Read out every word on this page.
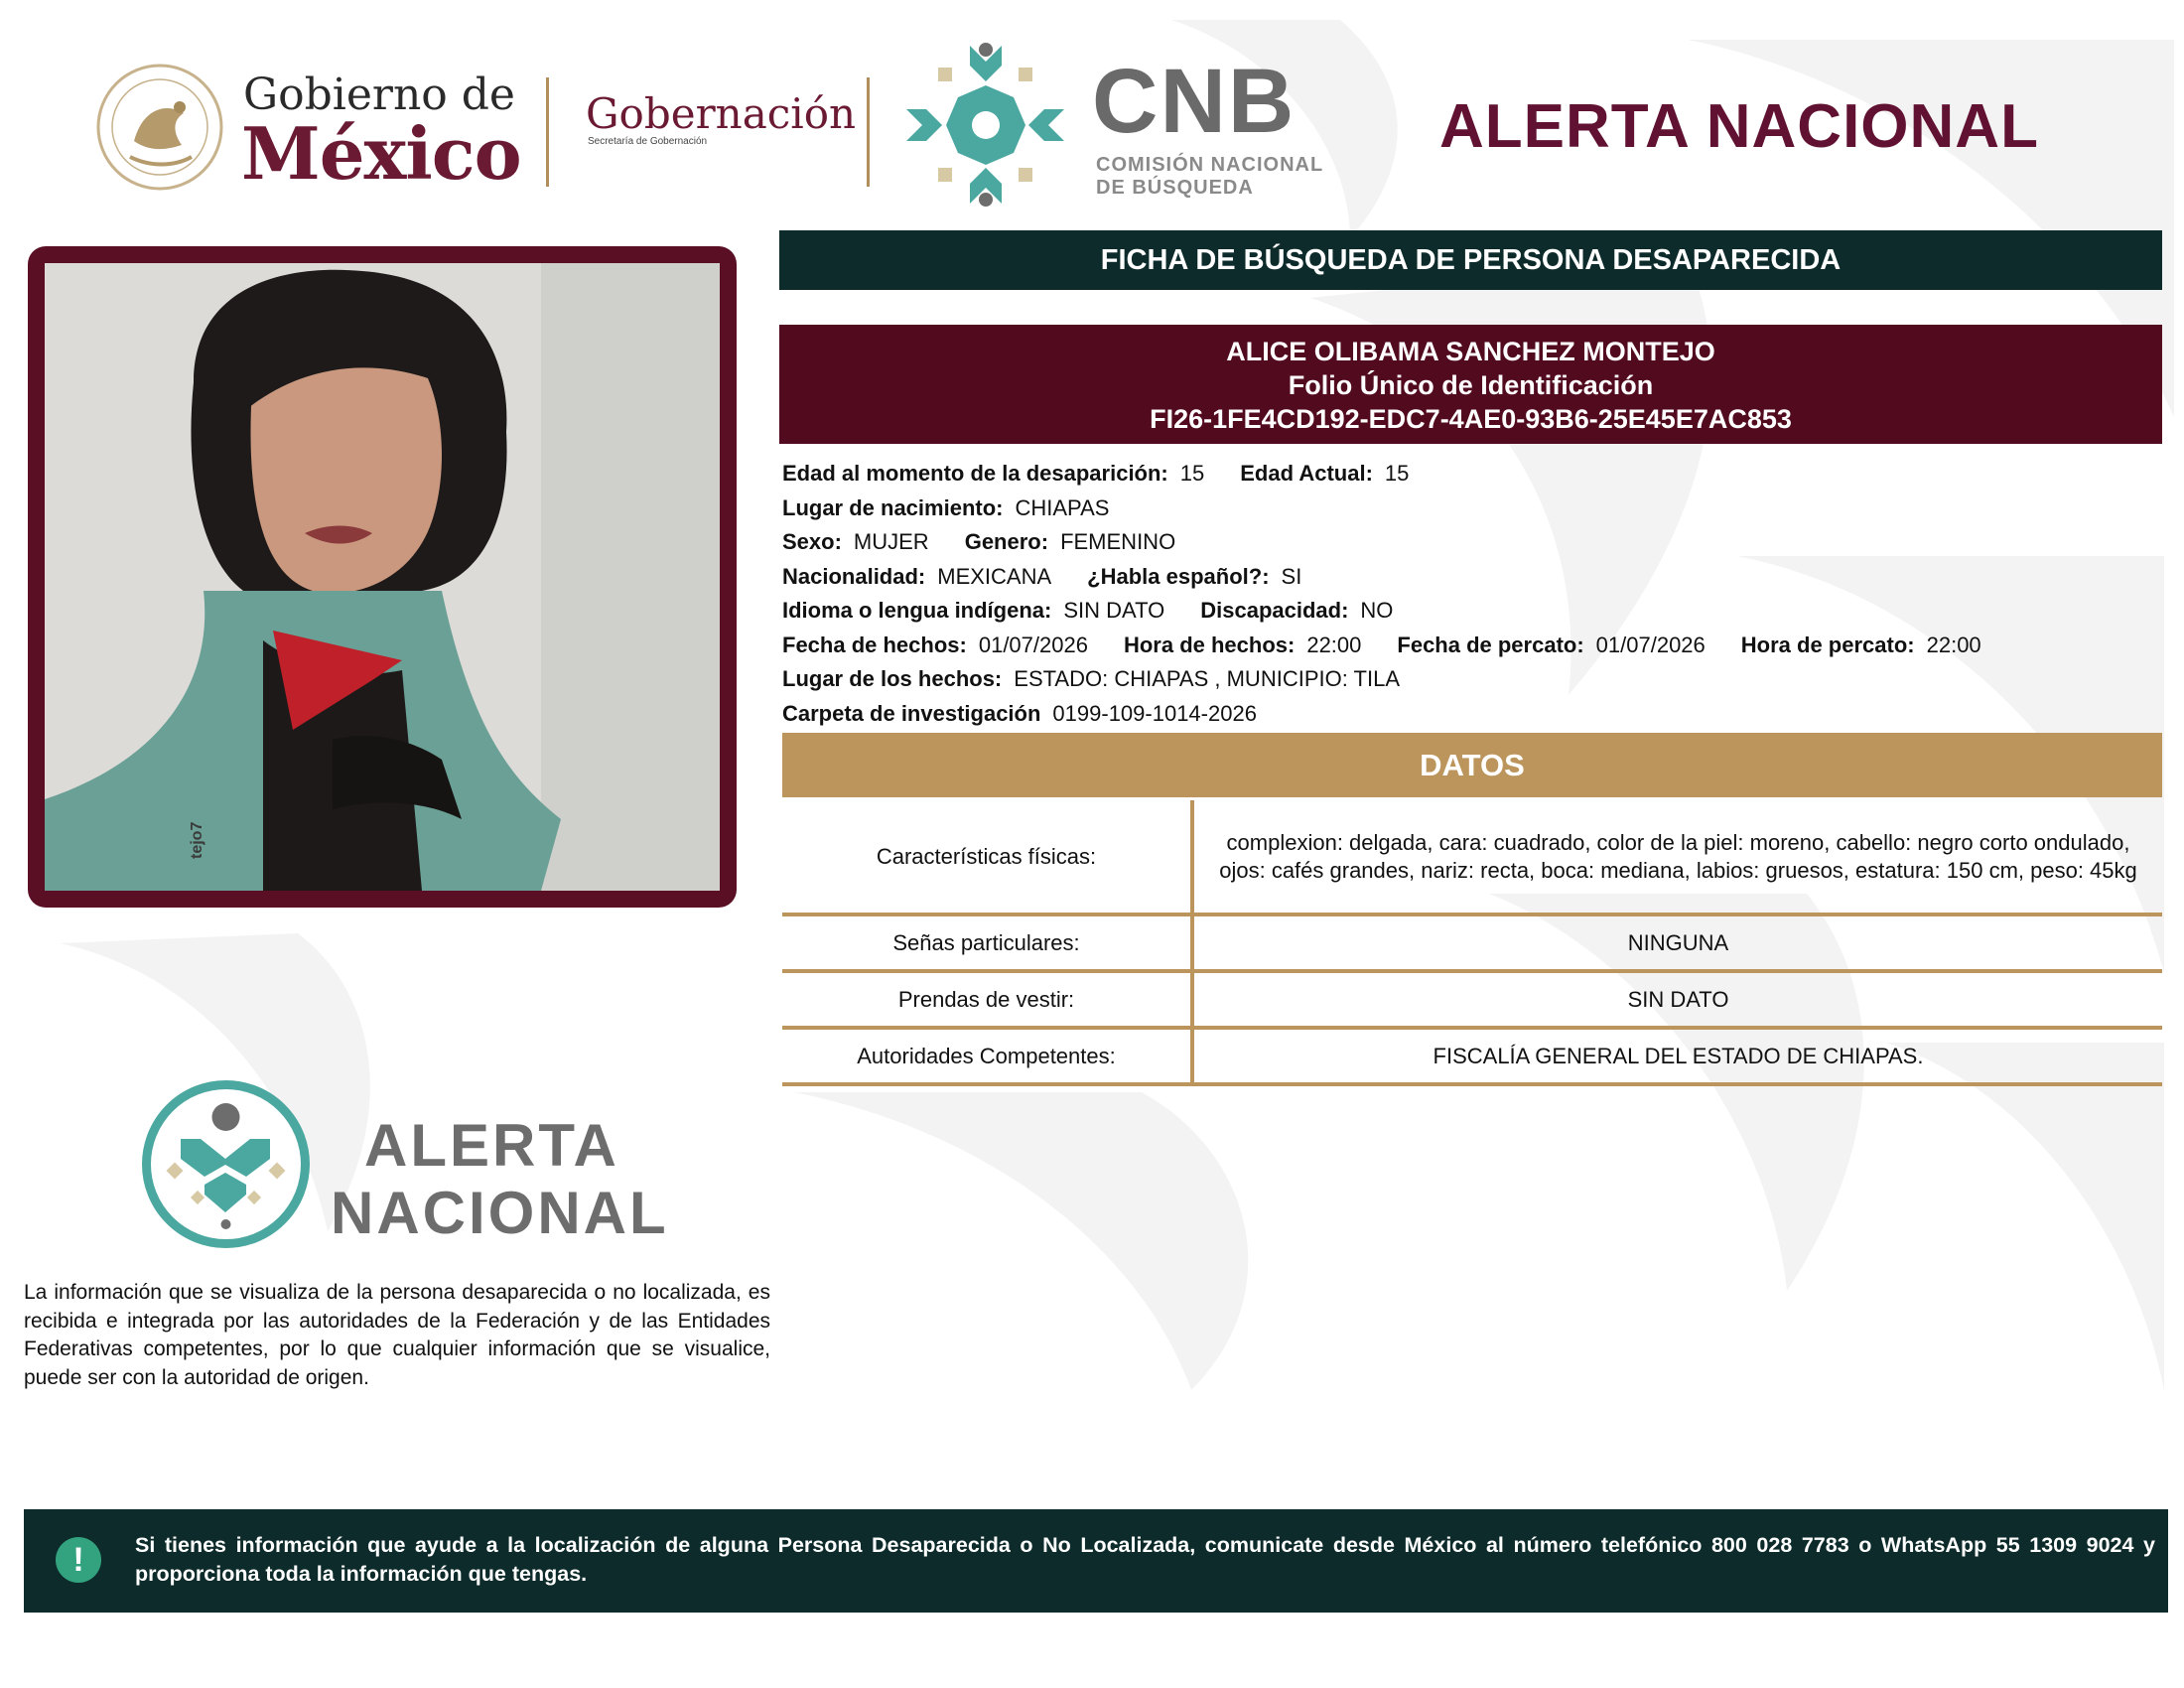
Gobierno de
México Gobernación
Secretaría de Gobernación	CNB
COMISIÓN NACIONAL
DE BÚSQUEDA
ALERTA NACIONAL
tejo7
FICHA DE BÚSQUEDA DE PERSONA DESAPARECIDA
ALICE OLIBAMA SANCHEZ MONTEJO
Folio Único de Identificación
FI26-1FE4CD192-EDC7-4AE0-93B6-25E45E7AC853
Edad al momento de la desaparición: 15 Edad Actual: 15
Lugar de nacimiento: CHIAPAS
Sexo: MUJER Genero: FEMENINO
Nacionalidad: MEXICANA ¿Habla español?: SI
Idioma o lengua indígena: SIN DATO Discapacidad: NO
Fecha de hechos: 01/07/2026 Hora de hechos: 22:00 Fecha de percato: 01/07/2026 Hora de percato: 22:00
Lugar de los hechos: ESTADO: CHIAPAS , MUNICIPIO: TILA
Carpeta de investigación 0199-109-1014-2026
DATOS
Características físicas:	complexion: delgada, cara: cuadrado, color de la piel: moreno, cabello: negro corto ondulado, ojos: cafés grandes, nariz: recta, boca: mediana, labios: gruesos, estatura: 150 cm, peso: 45kg
Señas particulares:	NINGUNA
Prendas de vestir:	SIN DATO
Autoridades Competentes:	FISCALÍA GENERAL DEL ESTADO DE CHIAPAS.
ALERTA
NACIONAL
La información que se visualiza de la persona desaparecida o no localizada, es recibida e integrada por las autoridades de la Federación y de las Entidades Federativas competentes, por lo que cualquier información que se visualice, puede ser con la autoridad de origen.
!	Si tienes información que ayude a la localización de alguna Persona Desaparecida o No Localizada, comunicate desde México al número telefónico 800 028 7783 o WhatsApp 55 1309 9024 y proporciona toda la información que tengas.
